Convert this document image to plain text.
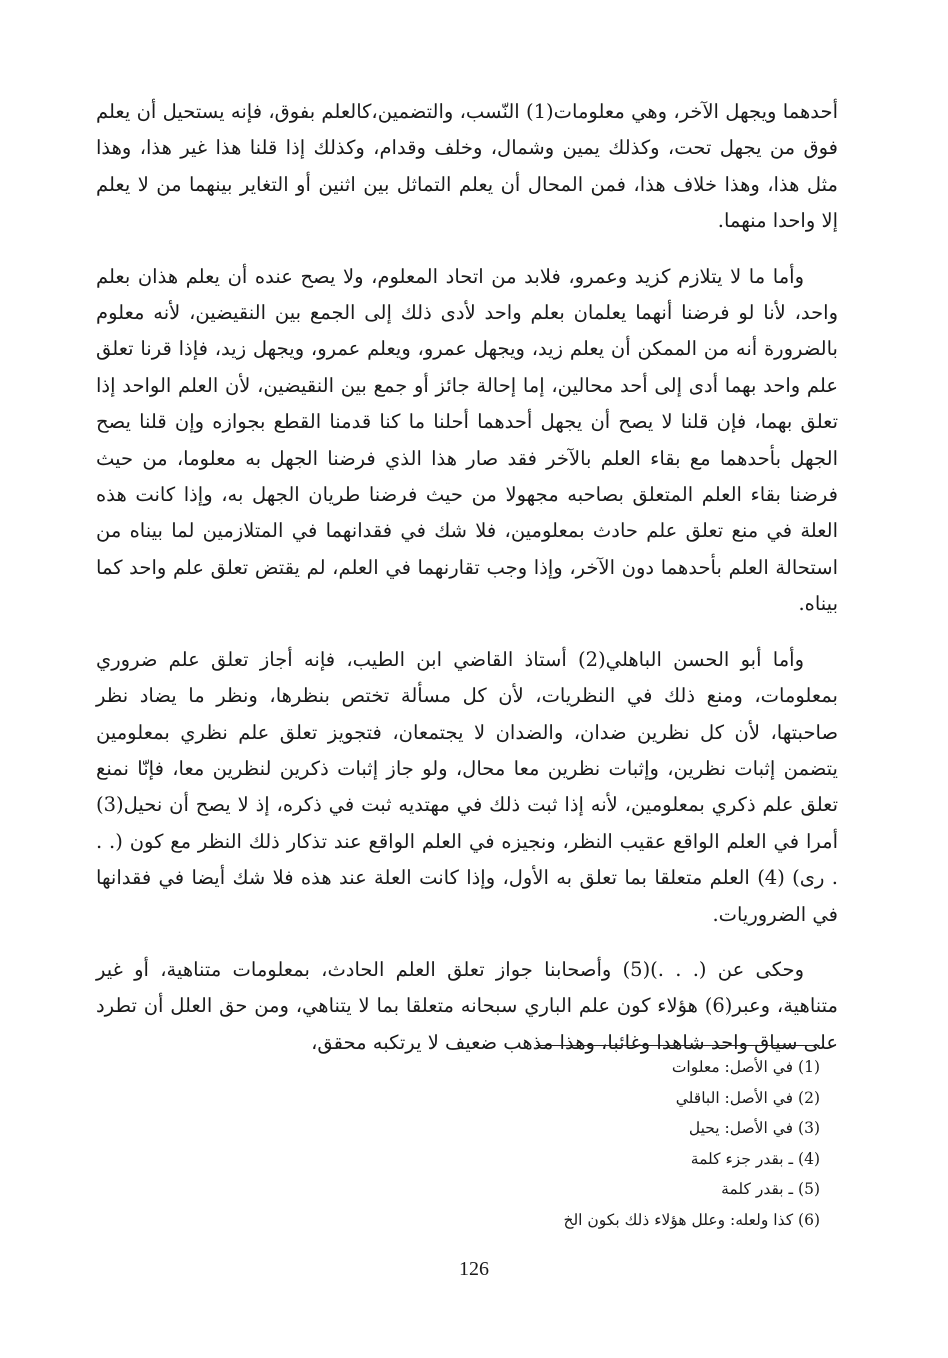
أحدهما ويجهل الآخر، وهي معلومات(1) النّسب، والتضمين،كالعلم بفوق، فإنه يستحيل أن يعلم فوق من يجهل تحت، وكذلك يمين وشمال، وخلف وقدام، وكذلك إذا قلنا هذا غير هذا، وهذا مثل هذا، وهذا خلاف هذا، فمن المحال أن يعلم التماثل بين اثنين أو التغاير بينهما من لا يعلم إلا واحدا منهما.

وأما ما لا يتلازم كزيد وعمرو، فلابد من اتحاد المعلوم، ولا يصح عنده أن يعلم هذان بعلم واحد، لأنا لو فرضنا أنهما يعلمان بعلم واحد لأدى ذلك إلى الجمع بين النقيضين، لأنه معلوم بالضرورة أنه من الممكن أن يعلم زيد، ويجهل عمرو، ويعلم عمرو، ويجهل زيد، فإذا قرنا تعلق علم واحد بهما أدى إلى أحد محالين، إما إحالة جائز أو جمع بين النقيضين، لأن العلم الواحد إذا تعلق بهما، فإن قلنا لا يصح أن يجهل أحدهما أحلنا ما كنا قدمنا القطع بجوازه وإن قلنا يصح الجهل بأحدهما مع بقاء العلم بالآخر فقد صار هذا الذي فرضنا الجهل به معلوما، من حيث فرضنا بقاء العلم المتعلق بصاحبه مجهولا من حيث فرضنا طريان الجهل به، وإذا كانت هذه العلة في منع تعلق علم حادث بمعلومين، فلا شك في فقدانهما في المتلازمين لما بيناه من استحالة العلم بأحدهما دون الآخر، وإذا وجب تقارنهما في العلم، لم يقتض تعلق علم واحد كما بيناه.

وأما أبو الحسن الباهلي(2) أستاذ القاضي ابن الطيب، فإنه أجاز تعلق علم ضروري بمعلومات، ومنع ذلك في النظريات، لأن كل مسألة تختص بنظرها، ونظر ما يضاد نظر صاحبتها، لأن كل نظرين ضدان، والضدان لا يجتمعان، فتجويز تعلق علم نظري بمعلومين يتضمن إثبات نظرين، وإثبات نظرين معا محال، ولو جاز إثبات ذكرين لنظرين معا، فإنّا نمنع تعلق علم ذكري بمعلومين، لأنه إذا ثبت ذلك في مهتديه ثبت في ذكره، إذ لا يصح أن نحيل(3) أمرا في العلم الواقع عقيب النظر، ونجيزه في العلم الواقع عند تذكار ذلك النظر مع كون (. . . رى) (4) العلم متعلقا بما تعلق به الأول، وإذا كانت العلة عند هذه فلا شك أيضا في فقدانها في الضروريات.

وحكى عن (. . .)(5) وأصحابنا جواز تعلق العلم الحادث، بمعلومات متناهية، أو غير متناهية، وعبر(6) هؤلاء كون علم الباري سبحانه متعلقا بما لا يتناهي، ومن حق العلل أن تطرد على سياق واحد شاهدا وغائبا، وهذا مذهب ضعيف لا يرتكبه محقق،

(1) في الأصل: معلوات
(2) في الأصل: الباقلي
(3) في الأصل: يحيل
(4) ـ بقدر جزء كلمة
(5) ـ بقدر كلمة
(6) كذا ولعله: وعلل هؤلاء ذلك بكون الخ
126
